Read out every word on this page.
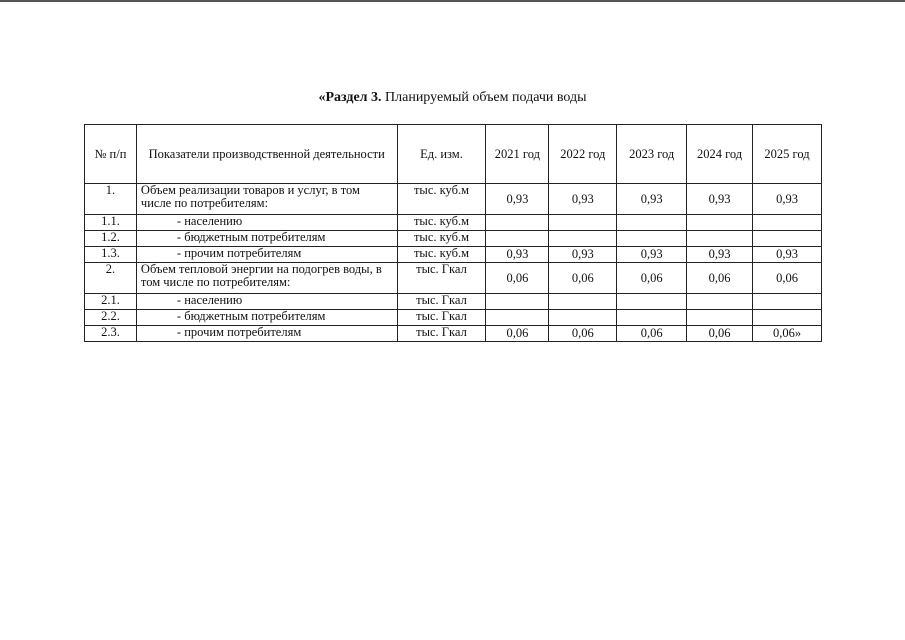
«Раздел 3. Планируемый объем подачи воды
№ п/п	Показатели производственной деятельности	Ед. изм.	2021 год	2022 год	2023 год	2024 год	2025 год
1.	Объем реализации товаров и услуг, в том числе по потребителям:	тыс. куб.м	0,93	0,93	0,93	0,93	0,93
1.1.	- населению	тыс. куб.м					
1.2.	- бюджетным потребителям	тыс. куб.м					
1.3.	- прочим потребителям	тыс. куб.м	0,93	0,93	0,93	0,93	0,93
2.	Объем тепловой энергии на подогрев воды, в том числе по потребителям:	тыс. Гкал	0,06	0,06	0,06	0,06	0,06
2.1.	- населению	тыс. Гкал					
2.2.	- бюджетным потребителям	тыс. Гкал					
2.3.	- прочим потребителям	тыс. Гкал	0,06	0,06	0,06	0,06	0,06»
